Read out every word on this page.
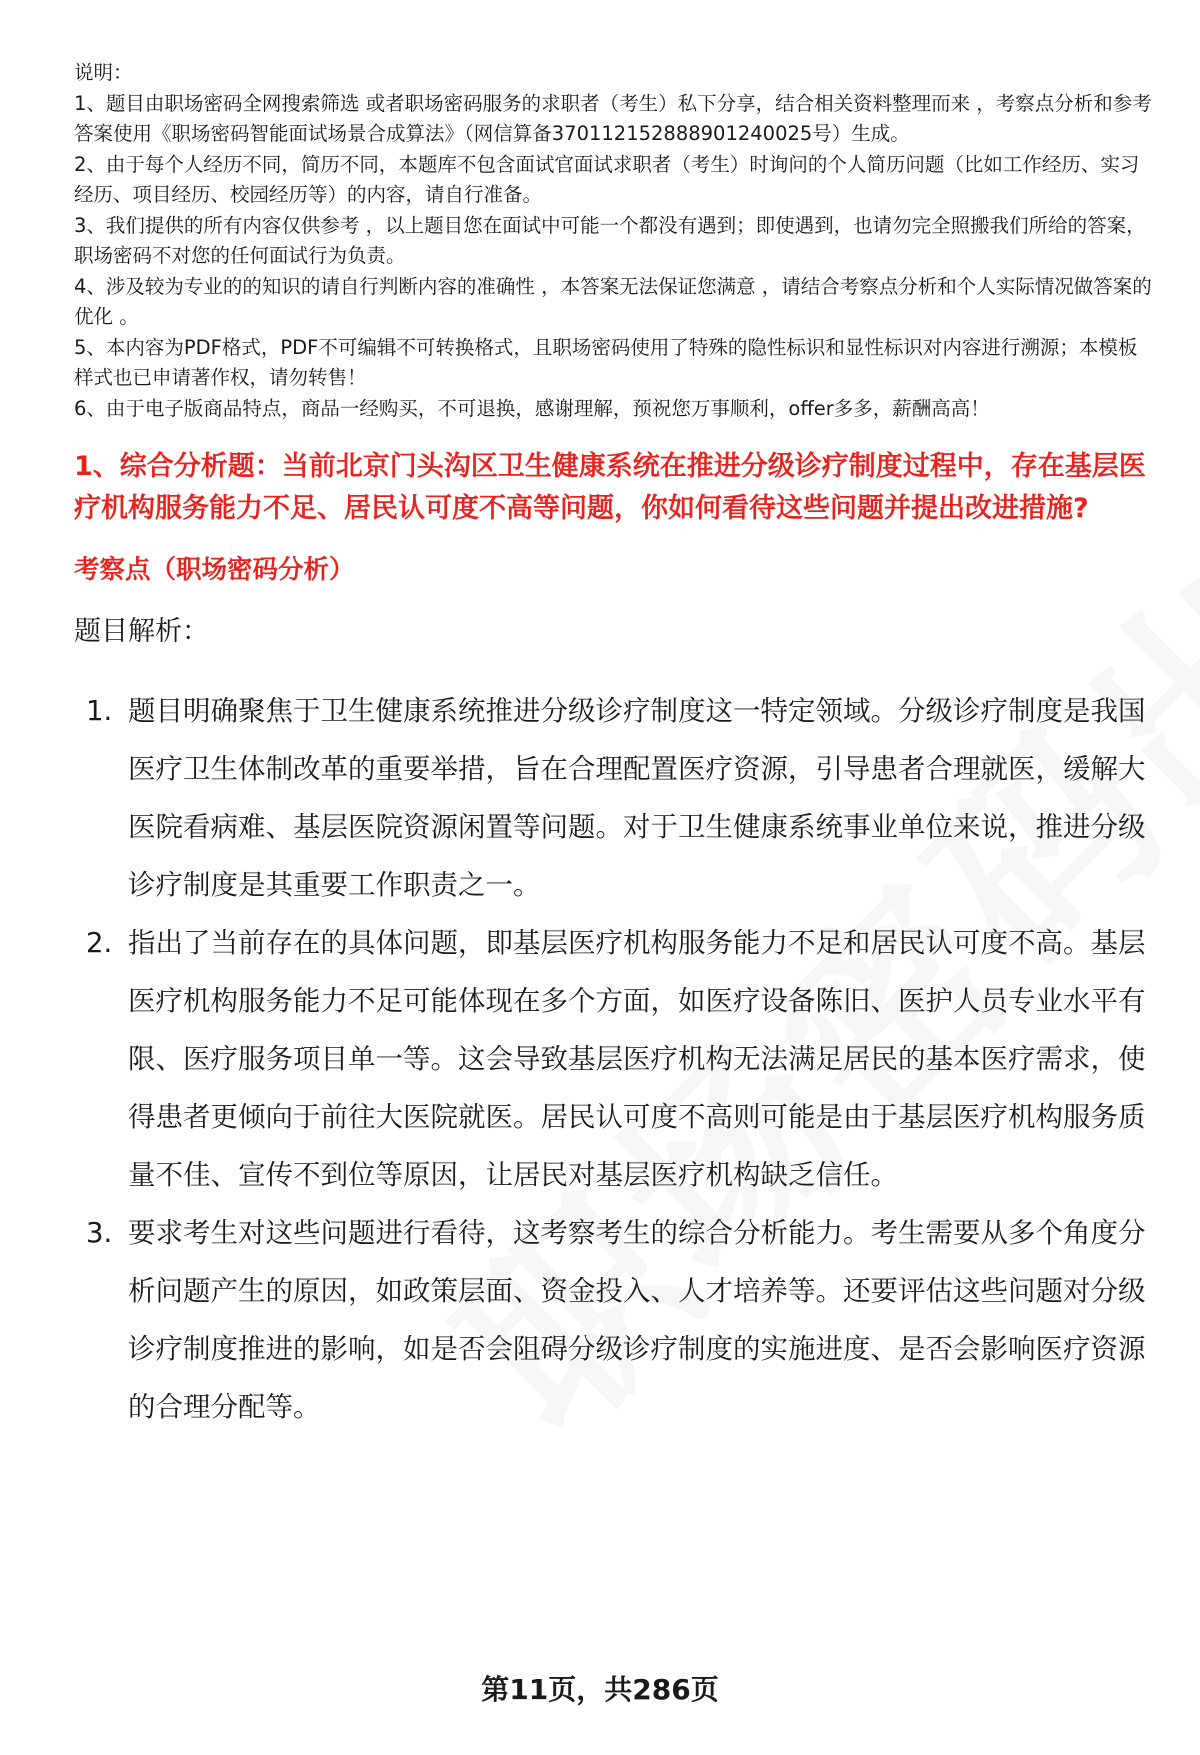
说明：

1、题目由职场密码全网搜索筛选 或者职场密码服务的求职者（考生）私下分享，结合相关资料整理而来 ，考察点分析和参考答案使用《职场密码智能面试场景合成算法》（网信算备370112152888901240025号）生成。

2、由于每个人经历不同，简历不同，本题库不包含面试官面试求职者（考生）时询问的个人简历问题（比如工作经历、实习经历、项目经历、校园经历等）的内容，请自行准备。

3、我们提供的所有内容仅供参考 ，以上题目您在面试中可能一个都没有遇到；即使遇到，也请勿完全照搬我们所给的答案，职场密码不对您的任何面试行为负责。

4、涉及较为专业的的知识的请自行判断内容的准确性 ，本答案无法保证您满意 ，请结合考察点分析和个人实际情况做答案的优化 。

5、本内容为PDF格式，PDF不可编辑不可转换格式，且职场密码使用了特殊的隐性标识和显性标识对内容进行溯源；本模板样式也已申请著作权，请勿转售！

6、由于电子版商品特点，商品一经购买，不可退换，感谢理解，预祝您万事顺利，offer多多，薪酬高高！

1、综合分析题：当前北京门头沟区卫生健康系统在推进分级诊疗制度过程中，存在基层医疗机构服务能力不足、居民认可度不高等问题，你如何看待这些问题并提出改进措施?
考察点（职场密码分析）
题目解析：
1. 题目明确聚焦于卫生健康系统推进分级诊疗制度这一特定领域。分级诊疗制度是我国医疗卫生体制改革的重要举措，旨在合理配置医疗资源，引导患者合理就医，缓解大医院看病难、基层医院资源闲置等问题。对于卫生健康系统事业单位来说，推进分级诊疗制度是其重要工作职责之一。
2. 指出了当前存在的具体问题，即基层医疗机构服务能力不足和居民认可度不高。基层医疗机构服务能力不足可能体现在多个方面，如医疗设备陈旧、医护人员专业水平有限、医疗服务项目单一等。这会导致基层医疗机构无法满足居民的基本医疗需求，使得患者更倾向于前往大医院就医。居民认可度不高则可能是由于基层医疗机构服务质量不佳、宣传不到位等原因，让居民对基层医疗机构缺乏信任。
3. 要求考生对这些问题进行看待，这考察考生的综合分析能力。考生需要从多个角度分析问题产生的原因，如政策层面、资金投入、人才培养等。还要评估这些问题对分级诊疗制度推进的影响，如是否会阻碍分级诊疗制度的实施进度、是否会影响医疗资源的合理分配等。
第11页，共286页
